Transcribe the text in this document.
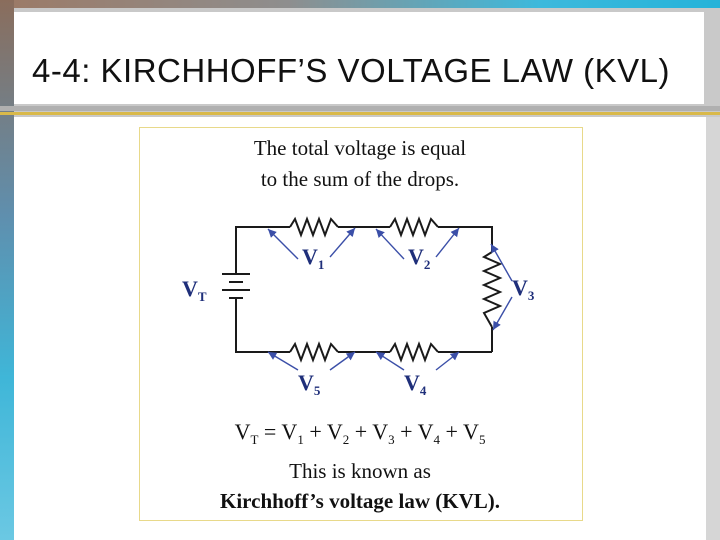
4-4: KIRCHHOFF’S VOLTAGE LAW (KVL)
The total voltage is equal
to the sum of the drops.
$V_T$
$V_1$	$V_2$
$V_3$
$V_4$
$V_5$
$V_T = V_1 + V_2 + V_3 + V_4 + V_5$
This is known as
Kirchhoff’s voltage law (KVL).
